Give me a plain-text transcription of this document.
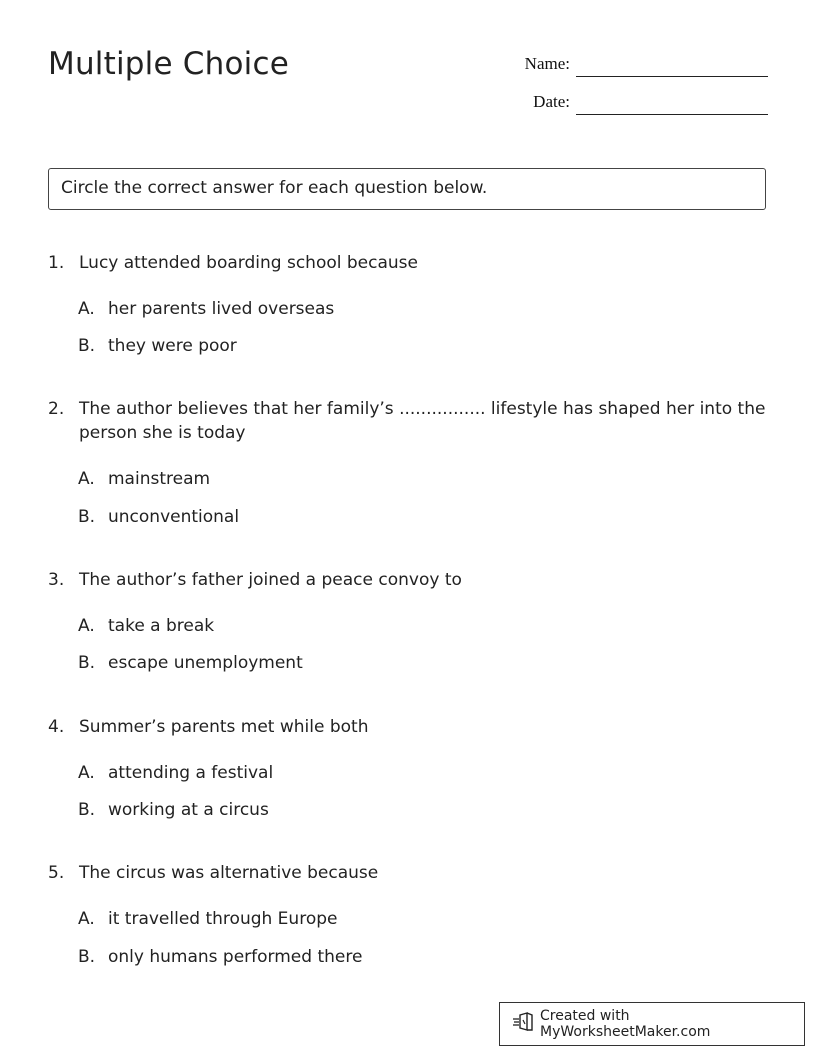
Multiple Choice	Name:
Date:
Circle the correct answer for each question below.
1. Lucy attended boarding school because
A. her parents lived overseas
B. they were poor
2. The author believes that her family’s ................ lifestyle has shaped her into the person she is today
A. mainstream
B. unconventional
3. The author’s father joined a peace convoy to
A. take a break
B. escape unemployment
4. Summer’s parents met while both
A. attending a festival
B. working at a circus
5. The circus was alternative because
A. it travelled through Europe
B. only humans performed there
Created with MyWorksheetMaker.com
